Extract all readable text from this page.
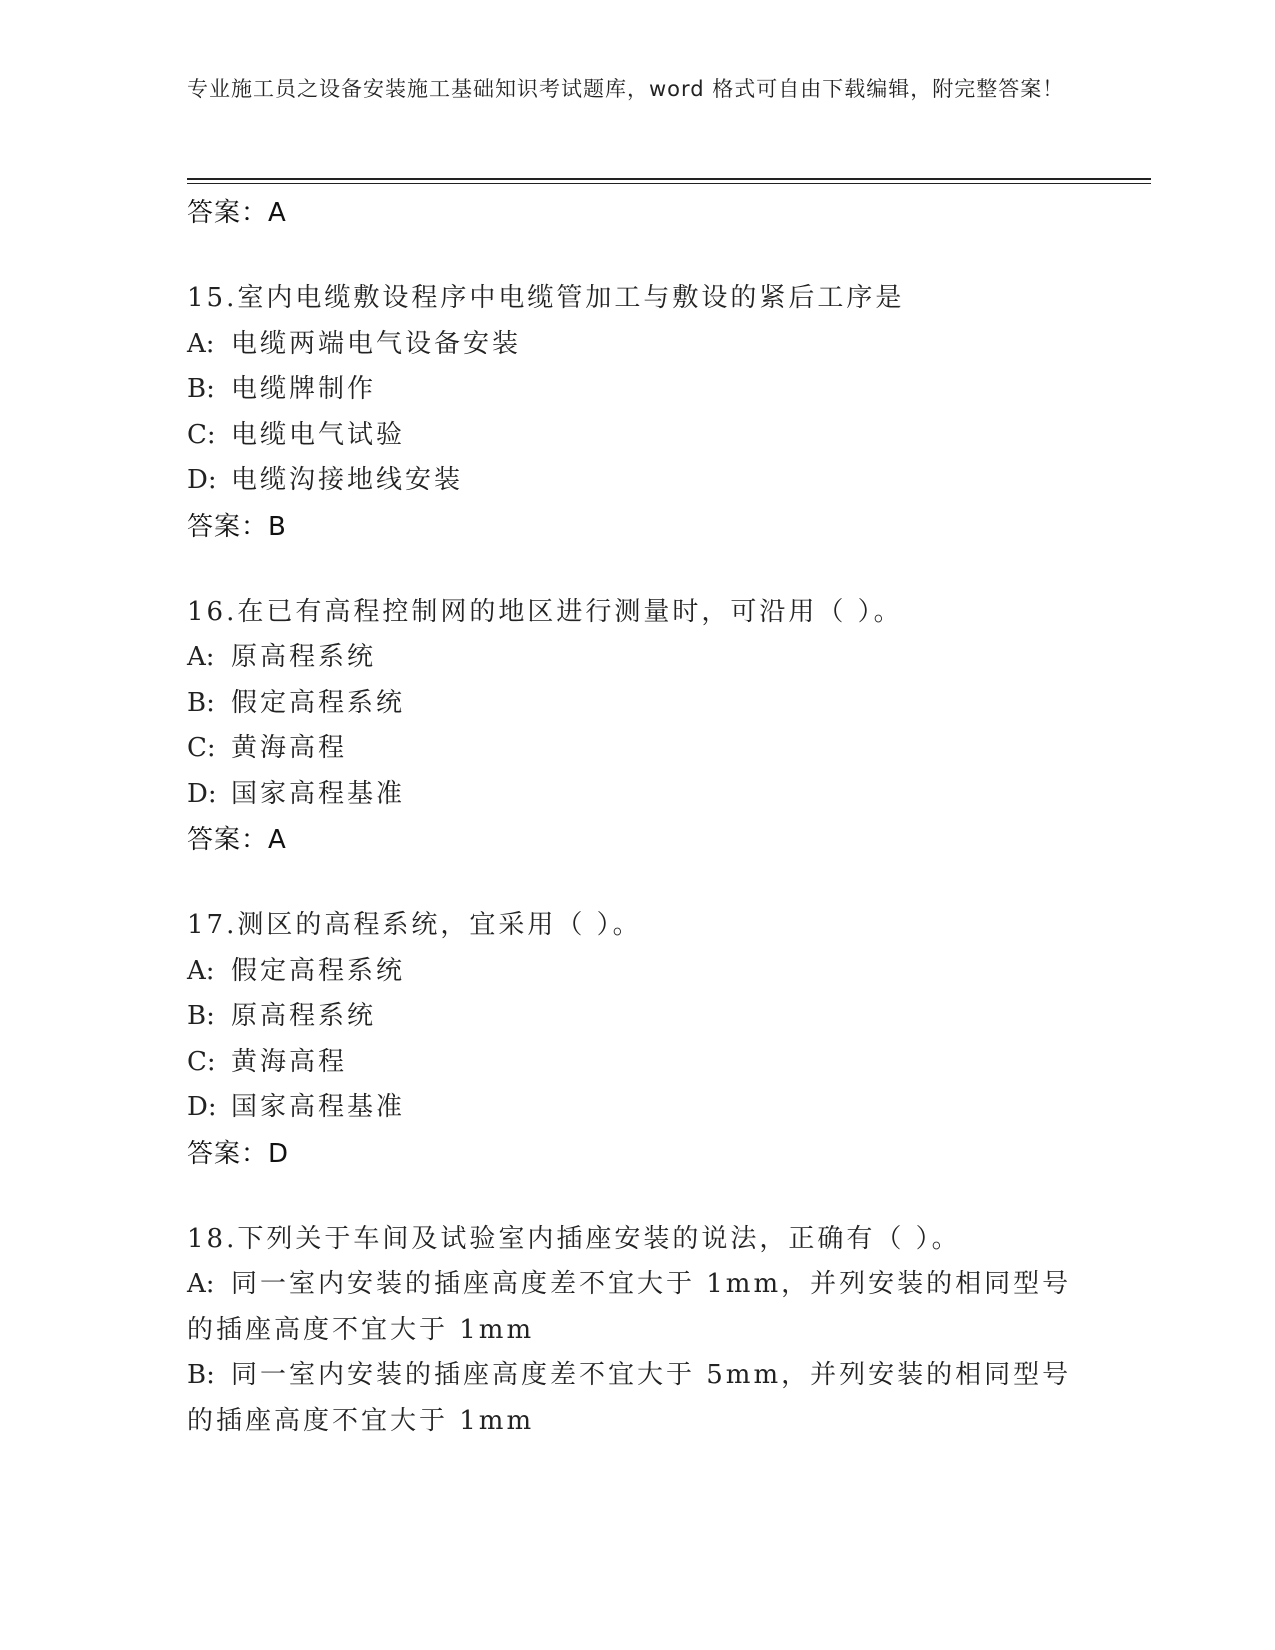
专业施工员之设备安装施工基础知识考试题库，word 格式可自由下载编辑，附完整答案！
答案：A
15.室内电缆敷设程序中电缆管加工与敷设的紧后工序是
A: 电缆两端电气设备安装
B: 电缆牌制作
C: 电缆电气试验
D: 电缆沟接地线安装
答案：B
16.在已有高程控制网的地区进行测量时，可沿用（ ）。
A: 原高程系统
B: 假定高程系统
C: 黄海高程
D: 国家高程基准
答案：A
17.测区的高程系统，宜采用（ ）。
A: 假定高程系统
B: 原高程系统
C: 黄海高程
D: 国家高程基准
答案：D
18.下列关于车间及试验室内插座安装的说法，正确有（ ）。
A: 同一室内安装的插座高度差不宜大于 1mm，并列安装的相同型号的插座高度不宜大于 1mm
B: 同一室内安装的插座高度差不宜大于 5mm，并列安装的相同型号的插座高度不宜大于 1mm
